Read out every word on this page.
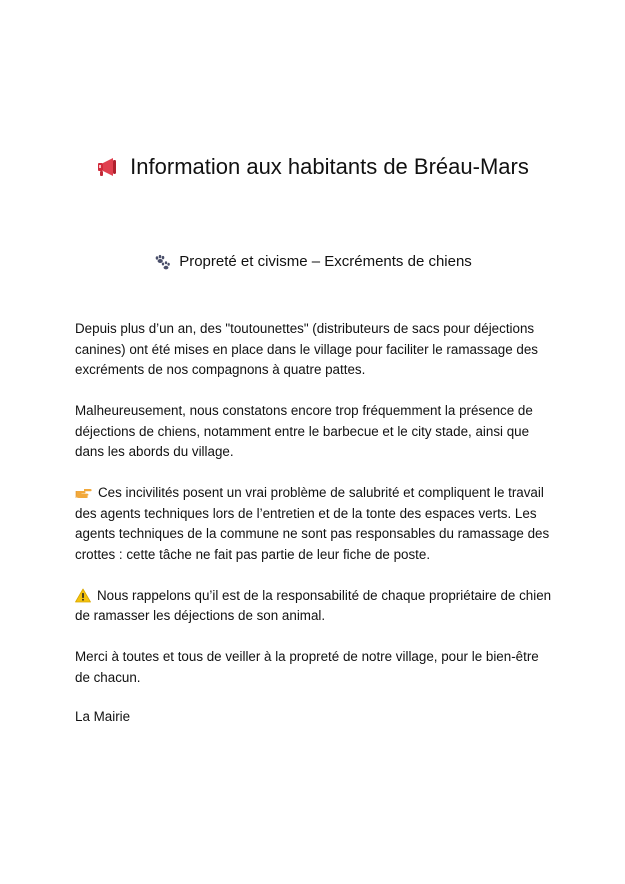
Information aux habitants de Bréau-Mars
Propreté et civisme – Excréments de chiens

Depuis plus d’un an, des "toutounettes" (distributeurs de sacs pour déjections canines) ont été mises en place dans le village pour faciliter le ramassage des excréments de nos compagnons à quatre pattes.

Malheureusement, nous constatons encore trop fréquemment la présence de déjections de chiens, notamment entre le barbecue et le city stade, ainsi que dans les abords du village.

Ces incivilités posent un vrai problème de salubrité et compliquent le travail des agents techniques lors de l’entretien et de la tonte des espaces verts. Les agents techniques de la commune ne sont pas responsables du ramassage des crottes : cette tâche ne fait pas partie de leur fiche de poste.

Nous rappelons qu’il est de la responsabilité de chaque propriétaire de chien de ramasser les déjections de son animal.

Merci à toutes et tous de veiller à la propreté de notre village, pour le bien-être de chacun.

La Mairie
